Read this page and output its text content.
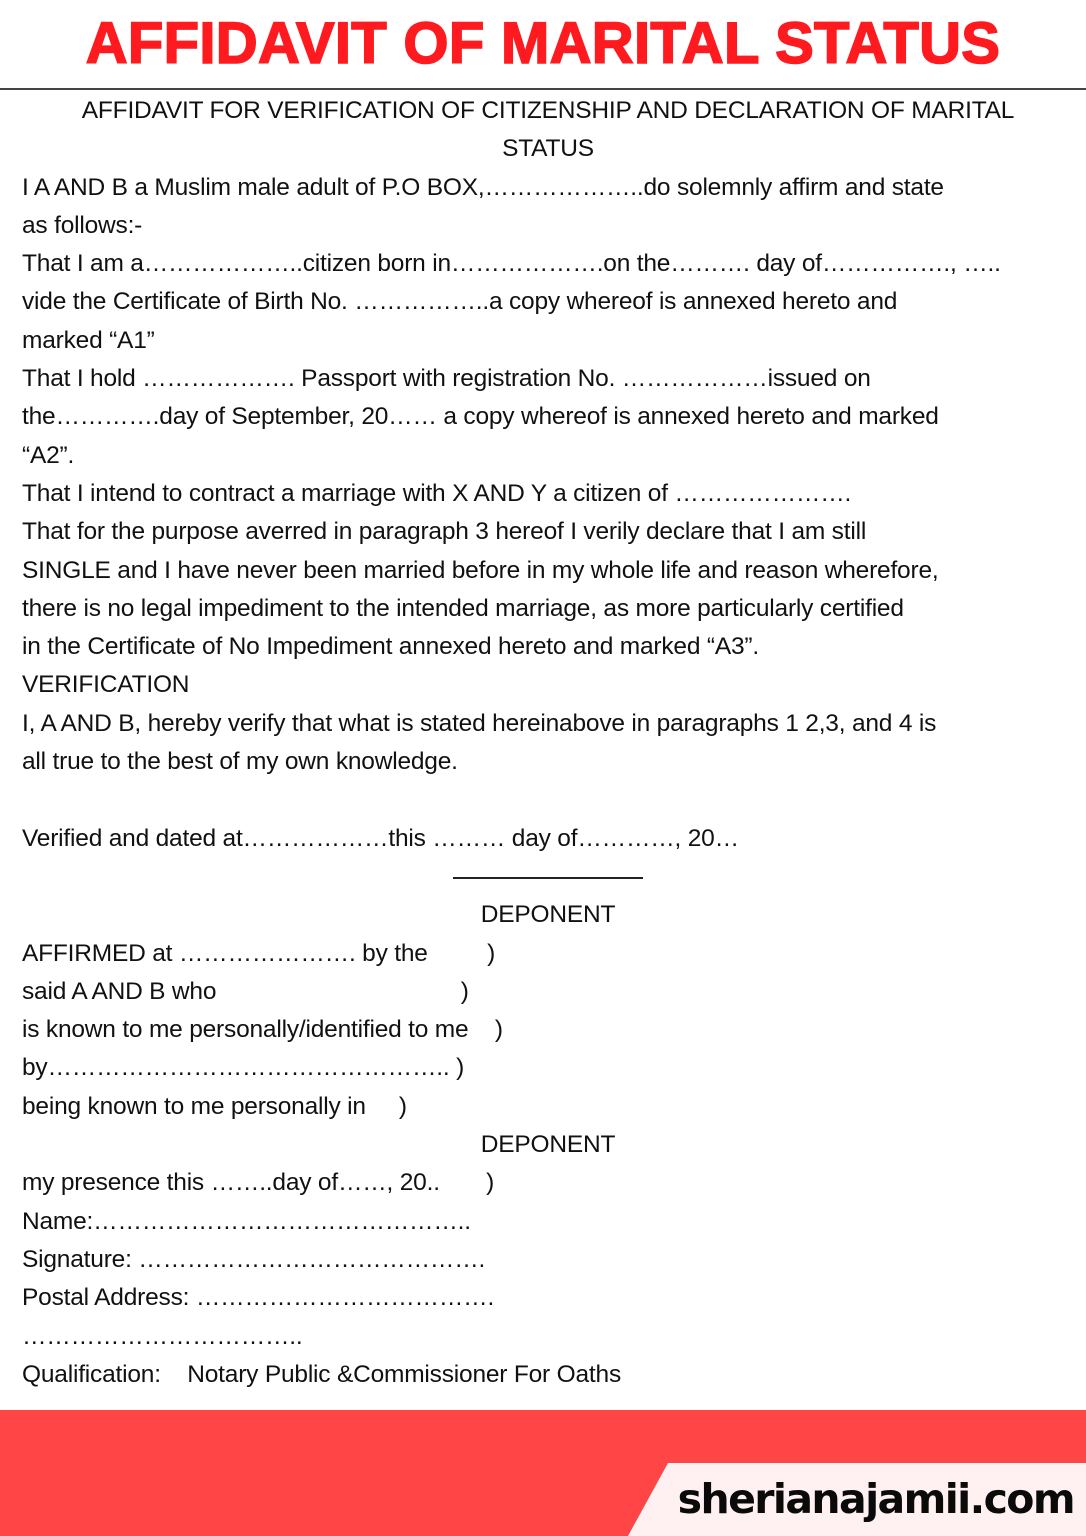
AFFIDAVIT OF MARITAL STATUS
AFFIDAVIT FOR VERIFICATION OF CITIZENSHIP AND DECLARATION OF MARITAL
STATUS
I A AND B a Muslim male adult of P.O BOX,………………..do solemnly affirm and state
as follows:-
That I am a………………..citizen born in……………….on the………. day of……………., …..
vide the Certificate of Birth No. ……………..a copy whereof is annexed hereto and
marked “A1”
That I hold ………………. Passport with registration No. ………………issued on
the………….day of September, 20…… a copy whereof is annexed hereto and marked
“A2”.
That I intend to contract a marriage with X AND Y a citizen of ………………….
That for the purpose averred in paragraph 3 hereof I verily declare that I am still
SINGLE and I have never been married before in my whole life and reason wherefore,
there is no legal impediment to the intended marriage, as more particularly certified
in the Certificate of No Impediment annexed hereto and marked “A3”.
VERIFICATION
I, A AND B, hereby verify that what is stated hereinabove in paragraphs 1 2,3, and 4 is
all true to the best of my own knowledge.
Verified and dated at………………this ……… day of…………, 20…
DEPONENT
AFFIRMED at …………………. by the         )
said A AND B who                                     )
is known to me personally/identified to me    )
by………………………………………….. )
being known to me personally in     )
DEPONENT
my presence this ……..day of……, 20..       )
Name:………………………………………..
Signature: …………………………………….
Postal Address: ……………………………….
……………………………..
Qualification:    Notary Public &Commissioner For Oaths
sherianajamii.com
